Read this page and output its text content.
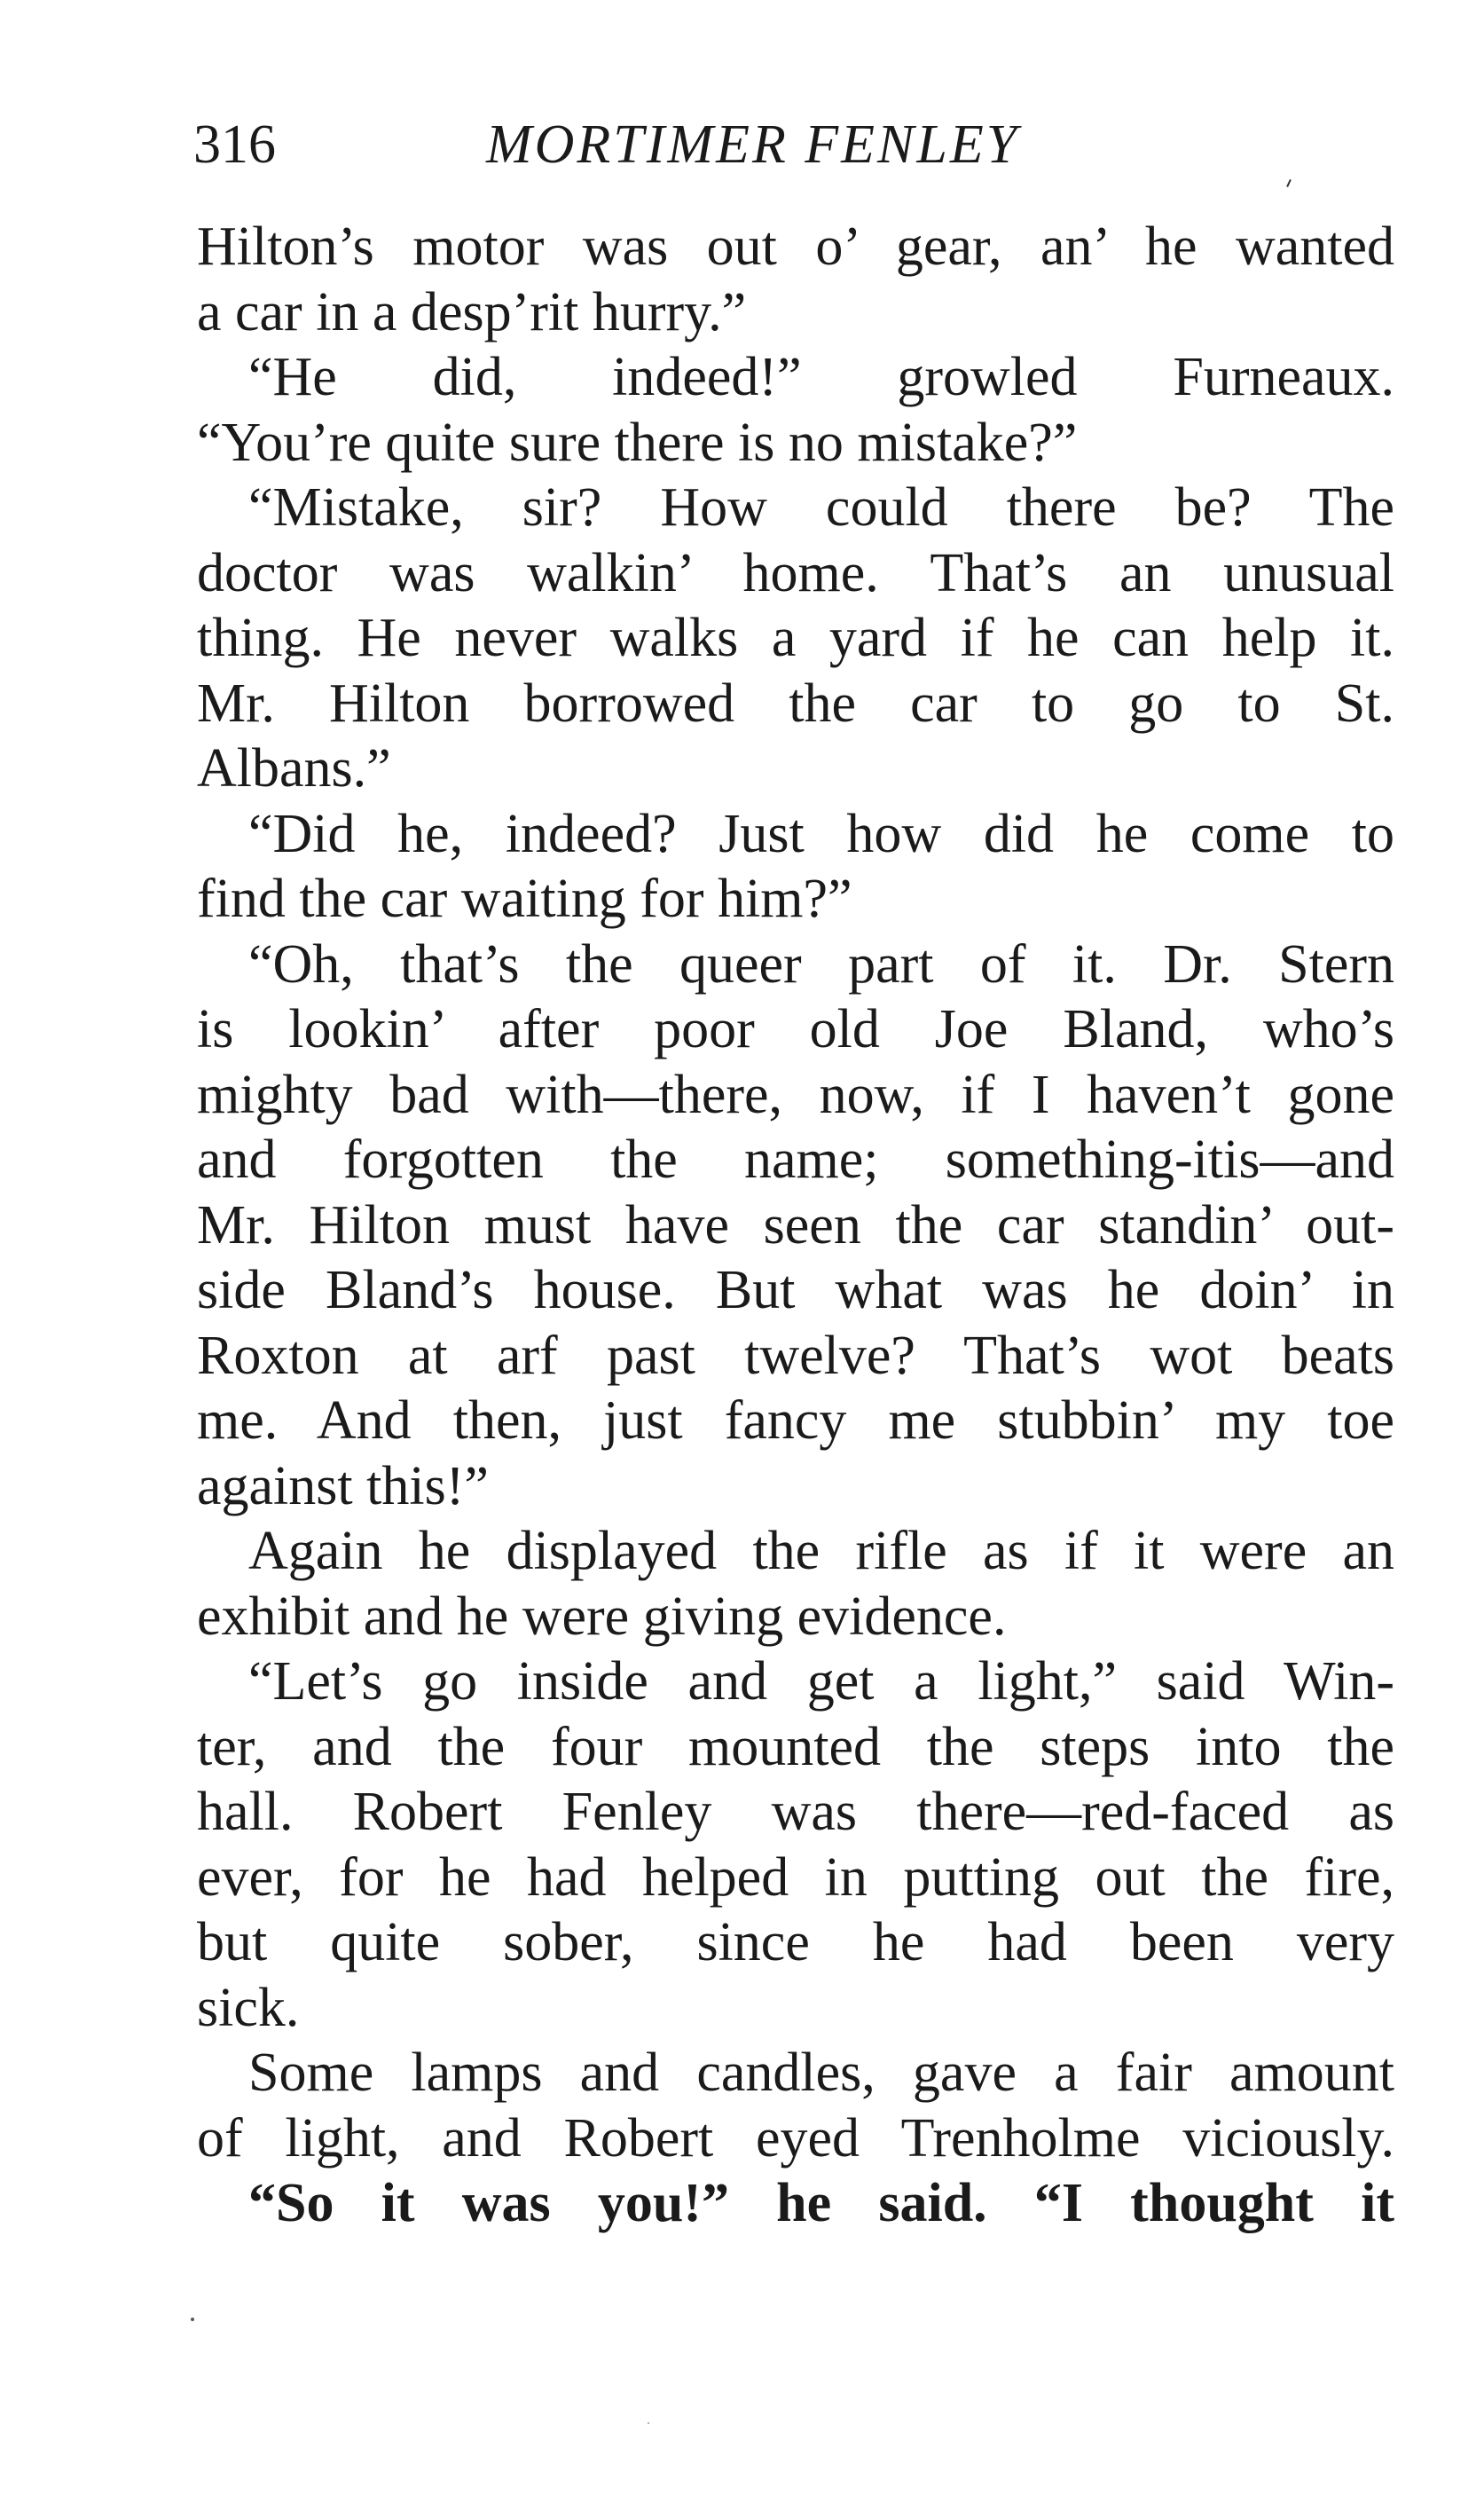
316	MORTIMER FENLEY
Hilton’s motor was out o’ gear, an’ he wanted
a car in a desp’rit hurry.”
“He did, indeed!” growled Furneaux.
“You’re quite sure there is no mistake?”
“Mistake, sir? How could there be? The
doctor was walkin’ home. That’s an unusual
thing. He never walks a yard if he can help it.
Mr. Hilton borrowed the car to go to St.
Albans.”
“Did he, indeed? Just how did he come to
find the car waiting for him?”
“Oh, that’s the queer part of it. Dr. Stern
is lookin’ after poor old Joe Bland, who’s
mighty bad with—there, now, if I haven’t gone
and forgotten the name; something-itis—and
Mr. Hilton must have seen the car standin’ out-
side Bland’s house. But what was he doin’ in
Roxton at arf past twelve? That’s wot beats
me. And then, just fancy me stubbin’ my toe
against this!”
Again he displayed the rifle as if it were an
exhibit and he were giving evidence.
“Let’s go inside and get a light,” said Win-
ter, and the four mounted the steps into the
hall. Robert Fenley was there—red-faced as
ever, for he had helped in putting out the fire,
but quite sober, since he had been very
sick.
Some lamps and candles, gave a fair amount
of light, and Robert eyed Trenholme viciously.
“So it was you!” he said. “I thought it
